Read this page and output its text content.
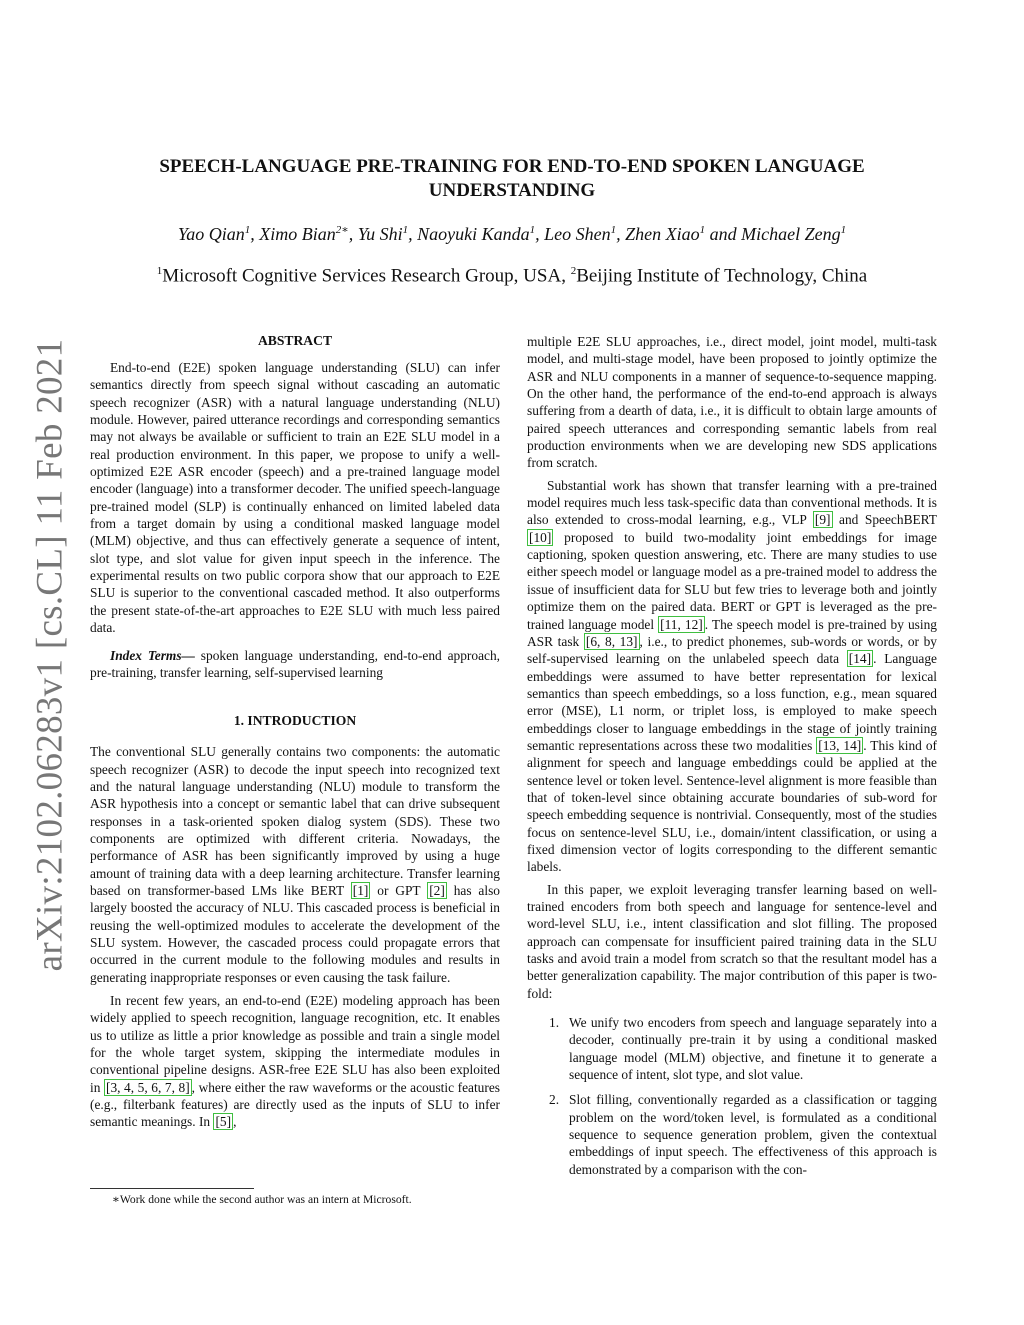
arXiv:2102.06283v1 [cs.CL] 11 Feb 2021
SPEECH-LANGUAGE PRE-TRAINING FOR END-TO-END SPOKEN LANGUAGE UNDERSTANDING
Yao Qian$^1$, Ximo Bian$^{2∗}$, Yu Shi$^1$, Naoyuki Kanda$^1$, Leo Shen$^1$, Zhen Xiao$^1$ and Michael Zeng$^1$
$^1$Microsoft Cognitive Services Research Group, USA, $^2$Beijing Institute of Technology, China
ABSTRACT

End-to-end (E2E) spoken language understanding (SLU) can infer semantics directly from speech signal without cascading an automatic speech recognizer (ASR) with a natural language understanding (NLU) module. However, paired utterance recordings and corresponding semantics may not always be available or sufficient to train an E2E SLU model in a real production environment. In this paper, we propose to unify a well-optimized E2E ASR encoder (speech) and a pre-trained language model encoder (language) into a transformer decoder. The unified speech-language pre-trained model (SLP) is continually enhanced on limited labeled data from a target domain by using a conditional masked language model (MLM) objective, and thus can effectively generate a sequence of intent, slot type, and slot value for given input speech in the inference. The experimental results on two public corpora show that our approach to E2E SLU is superior to the conventional cascaded method. It also outperforms the present state-of-the-art approaches to E2E SLU with much less paired data.

Index Terms— spoken language understanding, end-to-end approach, pre-training, transfer learning, self-supervised learning

1. INTRODUCTION

The conventional SLU generally contains two components: the automatic speech recognizer (ASR) to decode the input speech into recognized text and the natural language understanding (NLU) module to transform the ASR hypothesis into a concept or semantic label that can drive subsequent responses in a task-oriented spoken dialog system (SDS). These two components are optimized with different criteria. Nowadays, the performance of ASR has been significantly improved by using a huge amount of training data with a deep learning architecture. Transfer learning based on transformer-based LMs like BERT [1] or GPT [2] has also largely boosted the accuracy of NLU. This cascaded process is beneficial in reusing the well-optimized modules to accelerate the development of the SLU system. However, the cascaded process could propagate errors that occurred in the current module to the following modules and results in generating inappropriate responses or even causing the task failure.

In recent few years, an end-to-end (E2E) modeling approach has been widely applied to speech recognition, language recognition, etc. It enables us to utilize as little a prior knowledge as possible and train a single model for the whole target system, skipping the intermediate modules in conventional pipeline designs. ASR-free E2E SLU has also been exploited in [3, 4, 5, 6, 7, 8] , where either the raw waveforms or the acoustic features (e.g., filterbank features) are directly used as the inputs of SLU to infer semantic meanings. In [5] ,

multiple E2E SLU approaches, i.e., direct model, joint model, multi-task model, and multi-stage model, have been proposed to jointly optimize the ASR and NLU components in a manner of sequence-to-sequence mapping. On the other hand, the performance of the end-to-end approach is always suffering from a dearth of data, i.e., it is difficult to obtain large amounts of paired speech utterances and corresponding semantic labels from real production environments when we are developing new SDS applications from scratch.

Substantial work has shown that transfer learning with a pre-trained model requires much less task-specific data than conventional methods. It is also extended to cross-modal learning, e.g., VLP [9] and SpeechBERT [10] proposed to build two-modality joint embeddings for image captioning, spoken question answering, etc. There are many studies to use either speech model or language model as a pre-trained model to address the issue of insufficient data for SLU but few tries to leverage both and jointly optimize them on the paired data. BERT or GPT is leveraged as the pre-trained language model [11, 12] . The speech model is pre-trained by using ASR task [6, 8, 13] , i.e., to predict phonemes, sub-words or words, or by self-supervised learning on the unlabeled speech data [14] . Language embeddings were assumed to have better representation for lexical semantics than speech embeddings, so a loss function, e.g., mean squared error (MSE), L1 norm, or triplet loss, is employed to make speech embeddings closer to language embeddings in the stage of jointly training semantic representations across these two modalities [13, 14] . This kind of alignment for speech and language embeddings could be applied at the sentence level or token level. Sentence-level alignment is more feasible than that of token-level since obtaining accurate boundaries of sub-word for speech embedding sequence is nontrivial. Consequently, most of the studies focus on sentence-level SLU, i.e., domain/intent classification, or using a fixed dimension vector of logits corresponding to the different semantic labels.

In this paper, we exploit leveraging transfer learning based on well-trained encoders from both speech and language for sentence-level and word-level SLU, i.e., intent classification and slot filling. The proposed approach can compensate for insufficient paired training data in the SLU tasks and avoid train a model from scratch so that the resultant model has a better generalization capability. The major contribution of this paper is two-fold:

1. We unify two encoders from speech and language separately into a decoder, continually pre-train it by using a conditional masked language model (MLM) objective, and finetune it to generate a sequence of intent, slot type, and slot value.
2. Slot filling, conventionally regarded as a classification or tagging problem on the word/token level, is formulated as a conditional sequence to sequence generation problem, given the contextual embeddings of input speech. The effectiveness of this approach is demonstrated by a comparison with the con-
∗Work done while the second author was an intern at Microsoft.
